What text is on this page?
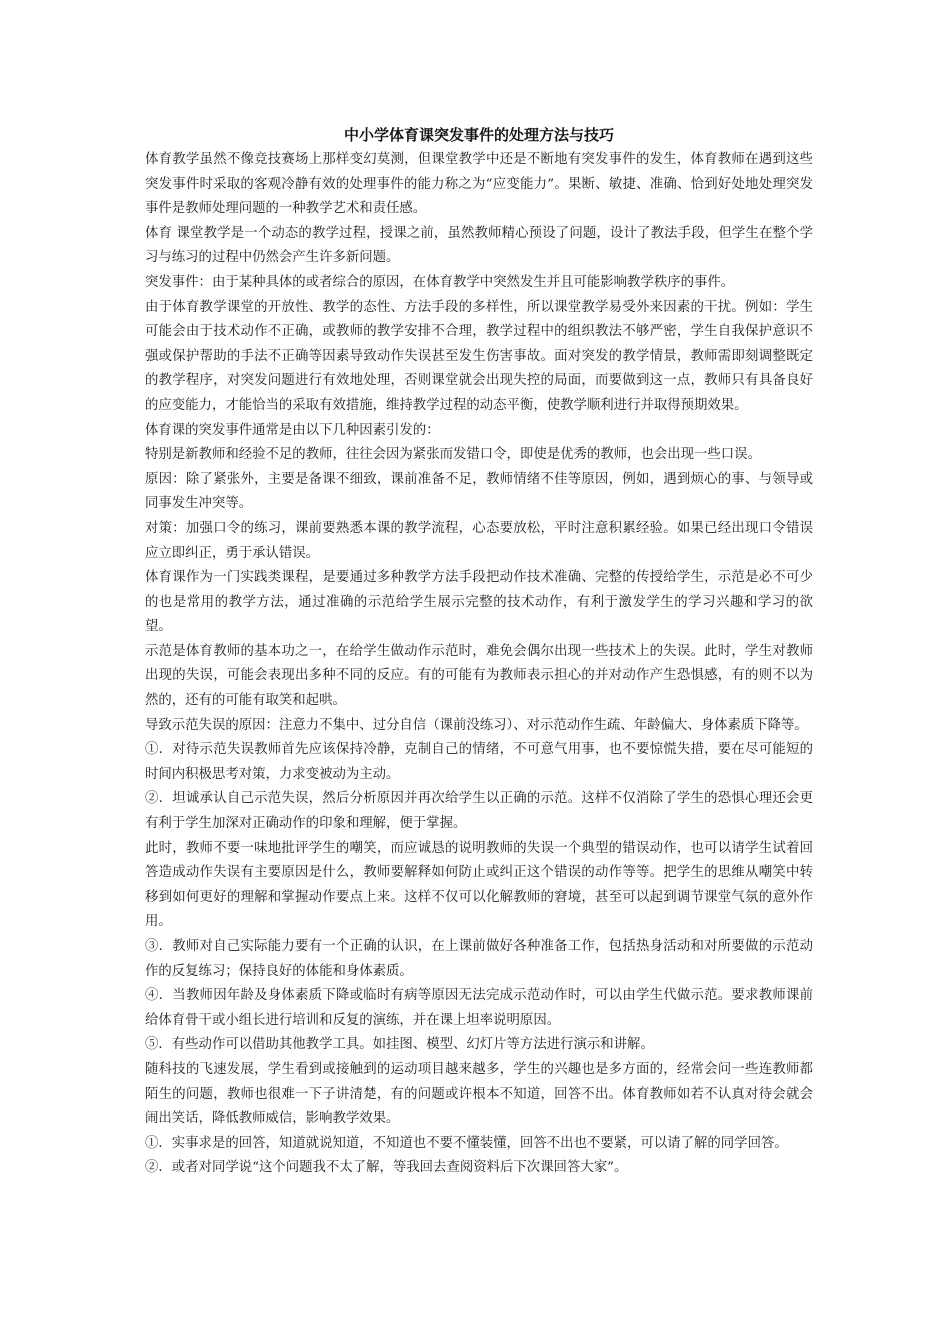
中小学体育课突发事件的处理方法与技巧

体育教学虽然不像竞技赛场上那样变幻莫测，但课堂教学中还是不断地有突发事件的发生，体育教师在遇到这些突发事件时采取的客观冷静有效的处理事件的能力称之为“应变能力”。果断、敏捷、准确、恰到好处地处理突发事件是教师处理问题的一种教学艺术和责任感。

体育 课堂教学是一个动态的教学过程，授课之前，虽然教师精心预设了问题，设计了教法手段，但学生在整个学习与练习的过程中仍然会产生许多新问题。

突发事件：由于某种具体的或者综合的原因，在体育教学中突然发生并且可能影响教学秩序的事件。

由于体育教学课堂的开放性、教学的态性、方法手段的多样性，所以课堂教学易受外来因素的干扰。例如：学生可能会由于技术动作不正确，或教师的教学安排不合理，教学过程中的组织教法不够严密，学生自我保护意识不强或保护帮助的手法不正确等因素导致动作失误甚至发生伤害事故。面对突发的教学情景，教师需即刻调整既定的教学程序，对突发问题进行有效地处理，否则课堂就会出现失控的局面，而要做到这一点，教师只有具备良好的应变能力，才能恰当的采取有效措施，维持教学过程的动态平衡，使教学顺利进行并取得预期效果。

体育课的突发事件通常是由以下几种因素引发的：

特别是新教师和经验不足的教师，往往会因为紧张而发错口令，即使是优秀的教师，也会出现一些口误。

原因：除了紧张外，主要是备课不细致，课前准备不足，教师情绪不佳等原因，例如，遇到烦心的事、与领导或同事发生冲突等。

对策：加强口令的练习，课前要熟悉本课的教学流程，心态要放松，平时注意积累经验。如果已经出现口令错误应立即纠正，勇于承认错误。

体育课作为一门实践类课程，是要通过多种教学方法手段把动作技术准确、完整的传授给学生，示范是必不可少的也是常用的教学方法，通过准确的示范给学生展示完整的技术动作，有利于激发学生的学习兴趣和学习的欲望。

示范是体育教师的基本功之一，在给学生做动作示范时，难免会偶尔出现一些技术上的失误。此时，学生对教师出现的失误，可能会表现出多种不同的反应。有的可能有为教师表示担心的并对动作产生恐惧感，有的则不以为然的，还有的可能有取笑和起哄。

导致示范失误的原因：注意力不集中、过分自信（课前没练习）、对示范动作生疏、年龄偏大、身体素质下降等。

①．对待示范失误教师首先应该保持冷静，克制自己的情绪，不可意气用事，也不要惊慌失措，要在尽可能短的时间内积极思考对策，力求变被动为主动。

②．坦诚承认自己示范失误，然后分析原因并再次给学生以正确的示范。这样不仅消除了学生的恐惧心理还会更有利于学生加深对正确动作的印象和理解，便于掌握。

此时，教师不要一味地批评学生的嘲笑，而应诚恳的说明教师的失误一个典型的错误动作，也可以请学生试着回答造成动作失误有主要原因是什么，教师要解释如何防止或纠正这个错误的动作等等。把学生的思维从嘲笑中转移到如何更好的理解和掌握动作要点上来。这样不仅可以化解教师的窘境，甚至可以起到调节课堂气氛的意外作用。

③．教师对自己实际能力要有一个正确的认识，在上课前做好各种准备工作，包括热身活动和对所要做的示范动作的反复练习；保持良好的体能和身体素质。

④．当教师因年龄及身体素质下降或临时有病等原因无法完成示范动作时，可以由学生代做示范。要求教师课前给体育骨干或小组长进行培训和反复的演练，并在课上坦率说明原因。

⑤．有些动作可以借助其他教学工具。如挂图、模型、幻灯片等方法进行演示和讲解。

随科技的飞速发展，学生看到或接触到的运动项目越来越多，学生的兴趣也是多方面的，经常会问一些连教师都陌生的问题，教师也很难一下子讲清楚，有的问题或许根本不知道，回答不出。体育教师如若不认真对待会就会闹出笑话，降低教师威信，影响教学效果。

①．实事求是的回答，知道就说知道，不知道也不要不懂装懂，回答不出也不要紧，可以请了解的同学回答。

②．或者对同学说“这个问题我不太了解，等我回去查阅资料后下次课回答大家”。
